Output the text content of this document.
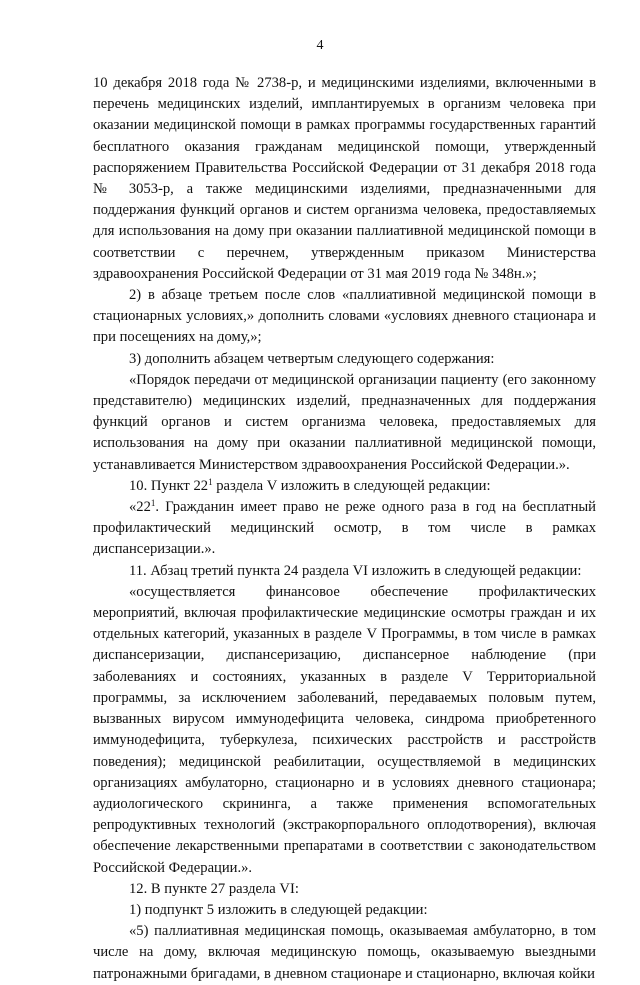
4

10 декабря 2018 года № 2738-р, и медицинскими изделиями, включенными в перечень медицинских изделий, имплантируемых в организм человека при оказании медицинской помощи в рамках программы государственных гарантий бесплатного оказания гражданам медицинской помощи, утвержденный распоряжением Правительства Российской Федерации от 31 декабря 2018 года № 3053-р, а также медицинскими изделиями, предназначенными для поддержания функций органов и систем организма человека, предоставляемых для использования на дому при оказании паллиативной медицинской помощи в соответствии с перечнем, утвержденным приказом Министерства здравоохранения Российской Федерации от 31 мая 2019 года № 348н.»;

2) в абзаце третьем после слов «паллиативной медицинской помощи в стационарных условиях,» дополнить словами «условиях дневного стационара и при посещениях на дому,»;

3) дополнить абзацем четвертым следующего содержания:

«Порядок передачи от медицинской организации пациенту (его законному представителю) медицинских изделий, предназначенных для поддержания функций органов и систем организма человека, предоставляемых для использования на дому при оказании паллиативной медицинской помощи, устанавливается Министерством здравоохранения Российской Федерации.».

10. Пункт $22^1$ раздела V изложить в следующей редакции:

«$22^1$. Гражданин имеет право не реже одного раза в год на бесплатный профилактический медицинский осмотр, в том числе в рамках диспансеризации.».

11. Абзац третий пункта 24 раздела VI изложить в следующей редакции:

«осуществляется финансовое обеспечение профилактических мероприятий, включая профилактические медицинские осмотры граждан и их отдельных категорий, указанных в разделе V Программы, в том числе в рамках диспансеризации, диспансеризацию, диспансерное наблюдение (при заболеваниях и состояниях, указанных в разделе V Территориальной программы, за исключением заболеваний, передаваемых половым путем, вызванных вирусом иммунодефицита человека, синдрома приобретенного иммунодефицита, туберкулеза, психических расстройств и расстройств поведения); медицинской реабилитации, осуществляемой в медицинских организациях амбулаторно, стационарно и в условиях дневного стационара; аудиологического скрининга, а также применения вспомогательных репродуктивных технологий (экстракорпорального оплодотворения), включая обеспечение лекарственными препаратами в соответствии с законодательством Российской Федерации.».

12. В пункте 27 раздела VI:

1) подпункт 5 изложить в следующей редакции:

«5) паллиативная медицинская помощь, оказываемая амбулаторно, в том числе на дому, включая медицинскую помощь, оказываемую выездными патронажными бригадами, в дневном стационаре и стационарно, включая койки
